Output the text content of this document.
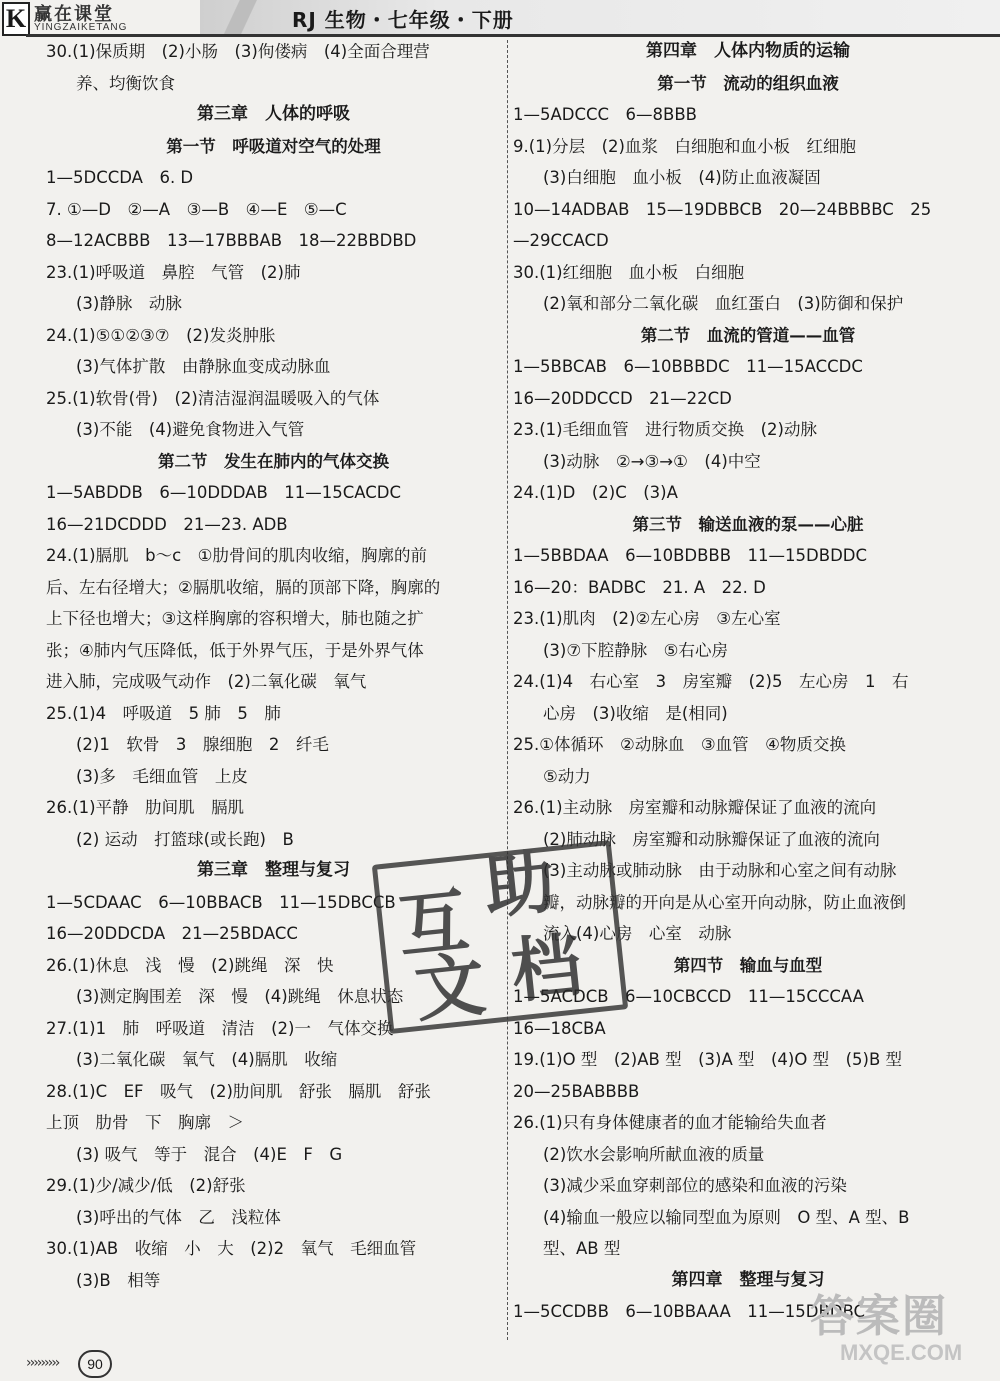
K 赢在课堂
YINGZAIKETANG	RJ 生物・七年级・下册
30.(1)保质期　(2)小肠　(3)佝偻病　(4)全面合理营
养、均衡饮食
第三章　人体的呼吸
第一节　呼吸道对空气的处理
1—5DCCDA　6. D
7. ①—D　②—A　③—B　④—E　⑤—C
8—12ACBBB　13—17BBBAB　18—22BBDBD
23.(1)呼吸道　鼻腔　气管　(2)肺
(3)静脉　动脉
24.(1)⑤①②③⑦　(2)发炎肿胀
(3)气体扩散　由静脉血变成动脉血
25.(1)软骨(骨)　(2)清洁湿润温暖吸入的气体
(3)不能　(4)避免食物进入气管
第二节　发生在肺内的气体交换
1—5ABDDB　6—10DDDAB　11—15CACDC
16—21DCDDD　21—23. ADB
24.(1)膈肌　b～c　①肋骨间的肌肉收缩，胸廓的前
后、左右径增大；②膈肌收缩，膈的顶部下降，胸廓的
上下径也增大；③这样胸廓的容积增大，肺也随之扩
张；④肺内气压降低，低于外界气压，于是外界气体
进入肺，完成吸气动作　(2)二氧化碳　氧气
25.(1)4　呼吸道　5 肺　5　肺
(2)1　软骨　3　腺细胞　2　纤毛
(3)多　毛细血管　上皮
26.(1)平静　肋间肌　膈肌
(2) 运动　打篮球(或长跑)　B
第三章　整理与复习
1—5CDAAC　6—10BBACB　11—15DBCCB
16—20DDCDA　21—25BDACC
26.(1)休息　浅　慢　(2)跳绳　深　快
(3)测定胸围差　深　慢　(4)跳绳　休息状态
27.(1)1　肺　呼吸道　清洁　(2)一　气体交换
(3)二氧化碳　氧气　(4)膈肌　收缩
28.(1)C　EF　吸气　(2)肋间肌　舒张　膈肌　舒张
上顶　肋骨　下　胸廓　＞
(3) 吸气　等于　混合　(4)E　F　G
29.(1)少/减少/低　(2)舒张
(3)呼出的气体　乙　浅粒体
30.(1)AB　收缩　小　大　(2)2　氧气　毛细血管
(3)B　相等
第四章　人体内物质的运输
第一节　流动的组织血液
1—5ADCCC　6—8BBB
9.(1)分层　(2)血浆　白细胞和血小板　红细胞
(3)白细胞　血小板　(4)防止血液凝固
10—14ADBAB　15—19DBBCB　20—24BBBBC　25
—29CCACD
30.(1)红细胞　血小板　白细胞
(2)氧和部分二氧化碳　血红蛋白　(3)防御和保护
第二节　血流的管道——血管
1—5BBCAB　6—10BBBDC　11—15ACCDC
16—20DDCCD　21—22CD
23.(1)毛细血管　进行物质交换　(2)动脉
(3)动脉　②→③→①　(4)中空
24.(1)D　(2)C　(3)A
第三节　输送血液的泵——心脏
1—5BBDAA　6—10BDBBB　11—15DBDDC
16—20：BADBC　21. A　22. D
23.(1)肌肉　(2)②左心房　③左心室
(3)⑦下腔静脉　⑤右心房
24.(1)4　右心室　3　房室瓣　(2)5　左心房　1　右
心房　(3)收缩　是(相同)
25.①体循环　②动脉血　③血管　④物质交换
⑤动力
26.(1)主动脉　房室瓣和动脉瓣保证了血液的流向
(2)肺动脉　房室瓣和动脉瓣保证了血液的流向
(3)主动脉或肺动脉　由于动脉和心室之间有动脉
瓣，动脉瓣的开向是从心室开向动脉，防止血液倒
流入(4)心房　心室　动脉
第四节　输血与血型
1—5ACDCB　6—10CBCCD　11—15CCCAA
16—18CBA
19.(1)O 型　(2)AB 型　(3)A 型　(4)O 型　(5)B 型
20—25BABBBB
26.(1)只有身体健康者的血才能输给失血者
(2)饮水会影响所献血液的质量
(3)减少采血穿刺部位的感染和血液的污染
(4)输血一般应以输同型血为原则　O 型、A 型、B
型、AB 型
第四章　整理与复习
1—5CCDBB　6—10BBAAA　11—15DBDBC
互 助
文 档
›››››››››	90
答案圈
MXQE.COM
